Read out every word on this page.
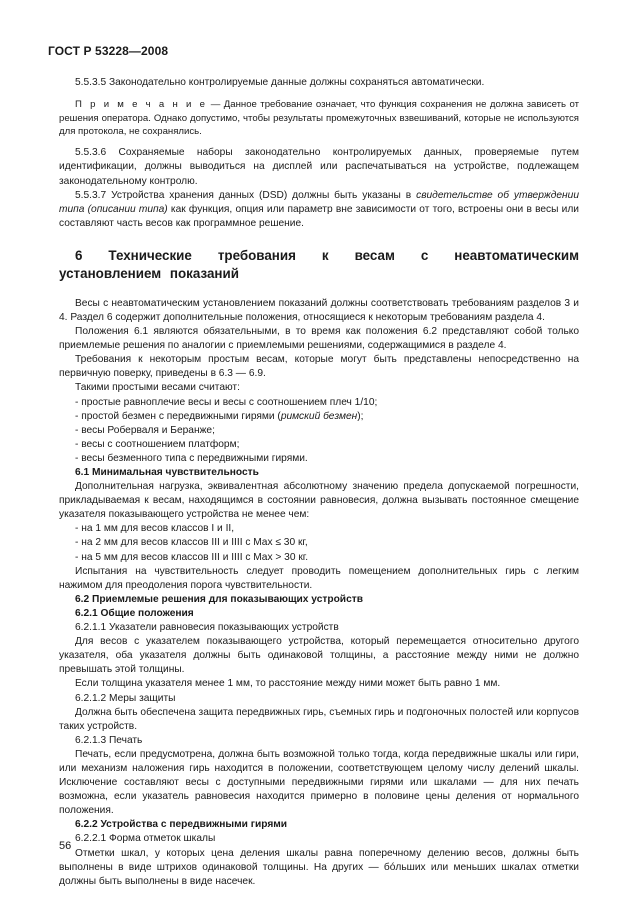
ГОСТ Р 53228—2008

5.5.3.5 Законодательно контролируемые данные должны сохраняться автоматически.

П р и м е ч а н и е — Данное требование означает, что функция сохранения не должна зависеть от решения оператора. Однако допустимо, чтобы результаты промежуточных взвешиваний, которые не используются для протокола, не сохранялись.

5.5.3.6 Сохраняемые наборы законодательно контролируемых данных, проверяемые путем идентификации, должны выводиться на дисплей или распечатываться на устройстве, подлежащем законодательному контролю.

5.5.3.7 Устройства хранения данных (DSD) должны быть указаны в свидетельстве об утверждении типа (описании типа) как функция, опция или параметр вне зависимости от того, встроены они в весы или составляют часть весов как программное решение.

6 Технические требования к весам с неавтоматическим установлением показаний

Весы с неавтоматическим установлением показаний должны соответствовать требованиям разделов 3 и 4. Раздел 6 содержит дополнительные положения, относящиеся к некоторым требованиям раздела 4.

Положения 6.1 являются обязательными, в то время как положения 6.2 представляют собой только приемлемые решения по аналогии с приемлемыми решениями, содержащимися в разделе 4.

Требования к некоторым простым весам, которые могут быть представлены непосредственно на первичную поверку, приведены в 6.3 — 6.9.

Такими простыми весами считают:

- простые равноплечие весы и весы с соотношением плеч 1/10;

- простой безмен с передвижными гирями (римский безмен);

- весы Роберваля и Беранже;

- весы с соотношением платформ;

- весы безменного типа с передвижными гирями.

6.1 Минимальная чувствительность

Дополнительная нагрузка, эквивалентная абсолютному значению предела допускаемой погрешности, прикладываемая к весам, находящимся в состоянии равновесия, должна вызывать постоянное смещение указателя показывающего устройства не менее чем:

- на 1 мм для весов классов I и II,

- на 2 мм для весов классов III и IIII с Max ≤ 30 кг,

- на 5 мм для весов классов III и IIII с Max > 30 кг.

Испытания на чувствительность следует проводить помещением дополнительных гирь с легким нажимом для преодоления порога чувствительности.

6.2 Приемлемые решения для показывающих устройств

6.2.1 Общие положения

6.2.1.1 Указатели равновесия показывающих устройств

Для весов с указателем показывающего устройства, который перемещается относительно другого указателя, оба указателя должны быть одинаковой толщины, а расстояние между ними не должно превышать этой толщины.

Если толщина указателя менее 1 мм, то расстояние между ними может быть равно 1 мм.

6.2.1.2 Меры защиты

Должна быть обеспечена защита передвижных гирь, съемных гирь и подгоночных полостей или корпусов таких устройств.

6.2.1.3 Печать

Печать, если предусмотрена, должна быть возможной только тогда, когда передвижные шкалы или гири, или механизм наложения гирь находится в положении, соответствующем целому числу делений шкалы. Исключение составляют весы с доступными передвижными гирями или шкалами — для них печать возможна, если указатель равновесия находится примерно в половине цены деления от нормального положения.

6.2.2 Устройства с передвижными гирями

6.2.2.1 Форма отметок шкалы

Отметки шкал, у которых цена деления шкалы равна поперечному делению весов, должны быть выполнены в виде штрихов одинаковой толщины. На других — бóльших или меньших шкалах отметки должны быть выполнены в виде насечек.

56
